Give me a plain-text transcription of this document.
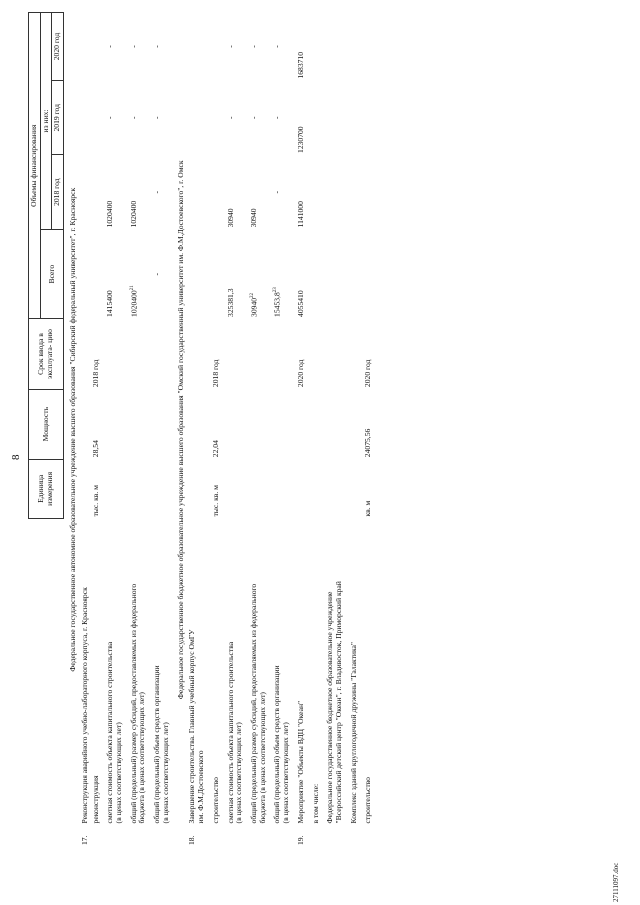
8
		Единица измерения	Мощность	Срок ввода в эксплуата- цию	Объемы финансирования			
					Всего	из них:		
						2018 год	2019 год	2020 год
Федеральное государственное автономное образовательное учреждение высшего образования "Сибирский федеральный университет", г. Красноярск								
17.	Реконструкция аварийного учебно-лабораторного корпуса, г. Красноярск							
	реконструкция	тыс. кв. м	28,54	2018 год				
	сметная стоимость объекта капитального строительства
(в ценах соответствующих лет)				1415400	1020400	-	-
	общий (предельный) размер субсидий, предоставляемых из федерального
бюджета (в ценах соответствующих лет)				1020400$^{21}$	1020400	-	-
	общий (предельный) объем средств организации
(в ценах соответствующих лет)				-	-	-	-
Федеральное государственное бюджетное образовательное учреждение высшего образования "Омский государственный университет им. Ф.М.Достоевского", г. Омск								
18.	Завершение строительства. Главный учебный корпус ОмГУ
им. Ф.М.Достоевского							
	строительство	тыс. кв. м	22,04	2018 год				
	сметная стоимость объекта капитального строительства
(в ценах соответствующих лет)				325381,3	30940	-	-
	общий (предельный) размер субсидий, предоставляемых из федерального
бюджета (в ценах соответствующих лет)				30940$^{22}$	30940	-	-
	общий (предельный) объем средств организации
(в ценах соответствующих лет)				15453,8$^{23}$	-	-	-
19.	Мероприятие "Объекты ВДЦ "Океан"			2020 год	4055410	1141000	1230700	1683710
	в том числе:							
	Федеральное государственное бюджетное образовательное учреждение
"Всероссийский детский центр "Океан", г. Владивосток, Приморский край							
	Комплекс зданий круглогодичной дружины "Галактика"							
	строительство	кв. м	24075,56	2020 год				
27111097.doc
